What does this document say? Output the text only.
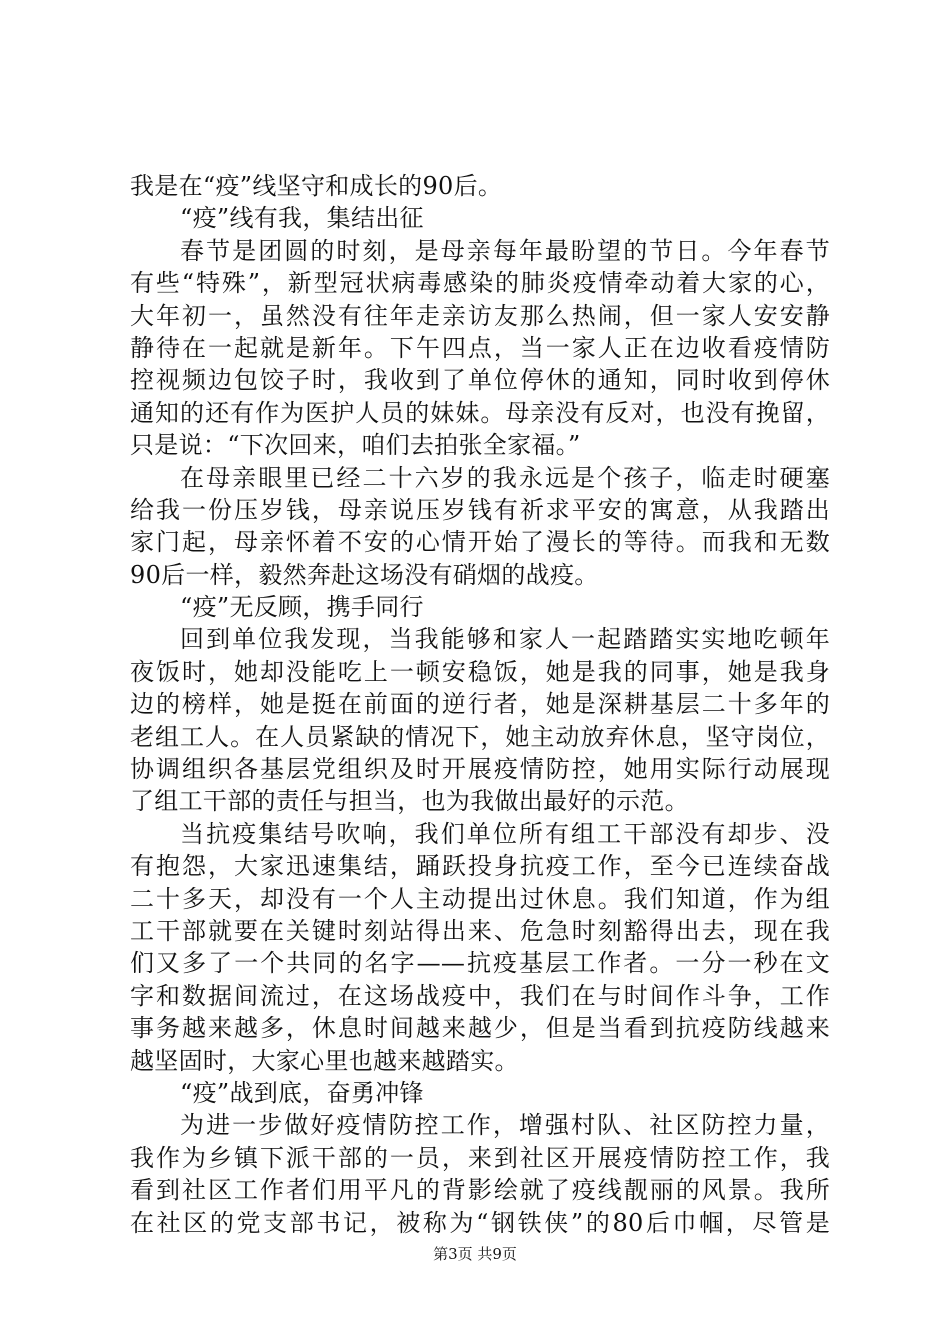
我是在“疫”线坚守和成长的90后。
“疫”线有我，集结出征
春节是团圆的时刻，是母亲每年最盼望的节日。今年春节
有些“特殊”，新型冠状病毒感染的肺炎疫情牵动着大家的心，
大年初一，虽然没有往年走亲访友那么热闹，但一家人安安静
静待在一起就是新年。下午四点，当一家人正在边收看疫情防
控视频边包饺子时，我收到了单位停休的通知，同时收到停休
通知的还有作为医护人员的妹妹。母亲没有反对，也没有挽留，
只是说：“下次回来，咱们去拍张全家福。”
在母亲眼里已经二十六岁的我永远是个孩子，临走时硬塞
给我一份压岁钱，母亲说压岁钱有祈求平安的寓意，从我踏出
家门起，母亲怀着不安的心情开始了漫长的等待。而我和无数
90后一样，毅然奔赴这场没有硝烟的战疫。
“疫”无反顾，携手同行
回到单位我发现，当我能够和家人一起踏踏实实地吃顿年
夜饭时，她却没能吃上一顿安稳饭，她是我的同事，她是我身
边的榜样，她是挺在前面的逆行者，她是深耕基层二十多年的
老组工人。在人员紧缺的情况下，她主动放弃休息，坚守岗位，
协调组织各基层党组织及时开展疫情防控，她用实际行动展现
了组工干部的责任与担当，也为我做出最好的示范。
当抗疫集结号吹响，我们单位所有组工干部没有却步、没
有抱怨，大家迅速集结，踊跃投身抗疫工作，至今已连续奋战
二十多天，却没有一个人主动提出过休息。我们知道，作为组
工干部就要在关键时刻站得出来、危急时刻豁得出去，现在我
们又多了一个共同的名字——抗疫基层工作者。一分一秒在文
字和数据间流过，在这场战疫中，我们在与时间作斗争，工作
事务越来越多，休息时间越来越少，但是当看到抗疫防线越来
越坚固时，大家心里也越来越踏实。
“疫”战到底，奋勇冲锋
为进一步做好疫情防控工作，增强村队、社区防控力量，
我作为乡镇下派干部的一员，来到社区开展疫情防控工作，我
看到社区工作者们用平凡的背影绘就了疫线靓丽的风景。我所
在社区的党支部书记，被称为“钢铁侠”的80后巾帼，尽管是
第3页 共9页
